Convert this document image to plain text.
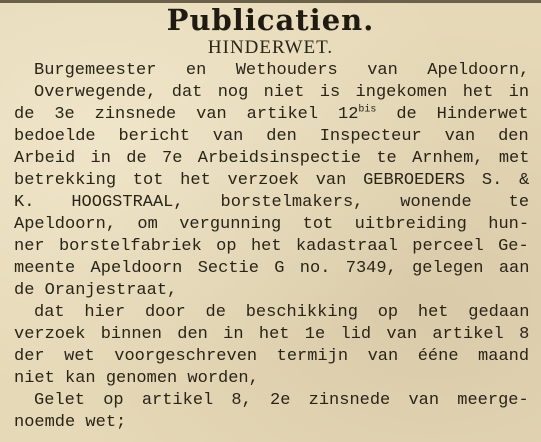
Publicatien.
HINDERWET.
Burgemeester en Wethouders van Apeldoorn,
Overwegende, dat nog niet is ingekomen het in
de 3e zinsnede van artikel $12^{bis}$ de Hinderwet
bedoelde bericht van den Inspecteur van den
Arbeid in de 7e Arbeidsinspectie te Arnhem, met
betrekking tot het verzoek van GEBROEDERS S. &
K. HOOGSTRAAL, borstelmakers, wonende te
Apeldoorn, om vergunning tot uitbreiding hun-
ner borstelfabriek op het kadastraal perceel Ge-
meente Apeldoorn Sectie G no. 7349, gelegen aan
de Oranjestraat,
dat hier door de beschikking op het gedaan
verzoek binnen den in het 1e lid van artikel 8
der wet voorgeschreven termijn van ééne maand
niet kan genomen worden,
Gelet op artikel 8, 2e zinsnede van meerge-
noemde wet;
